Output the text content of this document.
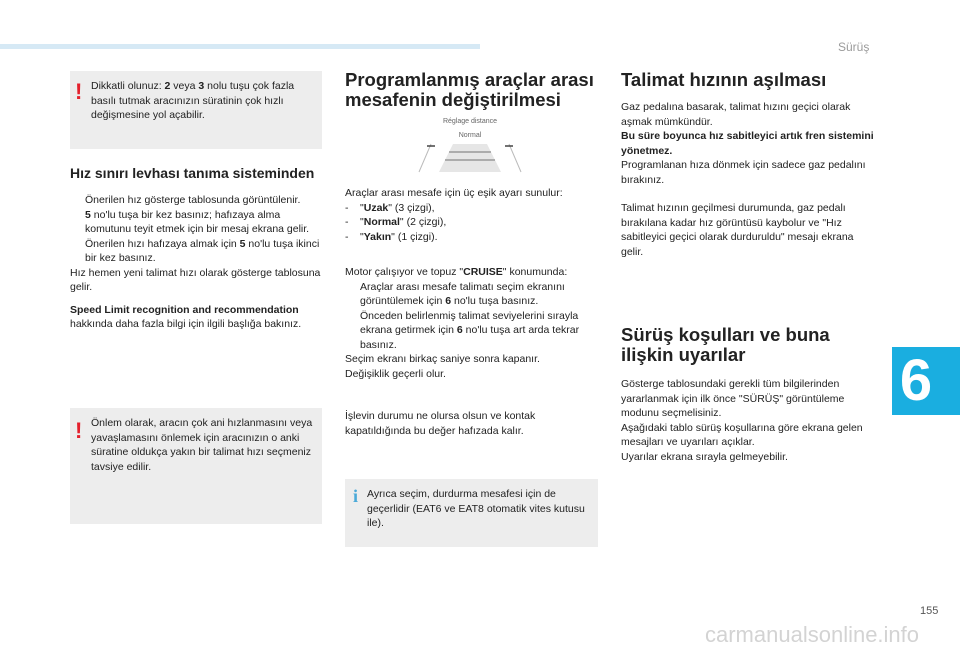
Sürüş
6
! Dikkatli olunuz: 2 veya 3 nolu tuşu çok fazla basılı tutmak aracınızın süratinin çok hızlı değişmesine yol açabilir.

Hız sınırı levhası tanıma sisteminden
Önerilen hız gösterge tablosunda görüntülenir.
5 no'lu tuşa bir kez basınız; hafızaya alma komutunu teyit etmek için bir mesaj ekrana gelir.
Önerilen hızı hafızaya almak için 5 no'lu tuşa ikinci bir kez basınız.

Hız hemen yeni talimat hızı olarak gösterge tablosuna gelir.

Speed Limit recognition and recommendation hakkında daha fazla bilgi için ilgili başlığa bakınız.

! Önlem olarak, aracın çok ani hızlanmasını veya yavaşlamasını önlemek için aracınızın o anki süratine oldukça yakın bir talimat hızı seçmeniz tavsiye edilir.

Programlanmış araçlar arası mesafenin değiştirilmesi
Réglage distance
Normal

Araçlar arası mesafe için üç eşik ayarı sunulur:

-	"Uzak" (3 çizgi),
-	"Normal" (2 çizgi),
-	"Yakın" (1 çizgi).

Motor çalışıyor ve topuz "CRUISE" konumunda:

Araçlar arası mesafe talimatı seçim ekranını görüntülemek için 6 no'lu tuşa basınız.
Önceden belirlenmiş talimat seviyelerini sırayla ekrana getirmek için 6 no'lu tuşa art arda tekrar basınız.

Seçim ekranı birkaç saniye sonra kapanır.

Değişiklik geçerli olur.

İşlevin durumu ne olursa olsun ve kontak kapatıldığında bu değer hafızada kalır.

i Ayrıca seçim, durdurma mesafesi için de geçerlidir (EAT6 ve EAT8 otomatik vites kutusu ile).

Talimat hızının aşılması

Gaz pedalına basarak, talimat hızını geçici olarak aşmak mümkündür.

Bu süre boyunca hız sabitleyici artık fren sistemini yönetmez.

Programlanan hıza dönmek için sadece gaz pedalını bırakınız.

Talimat hızının geçilmesi durumunda, gaz pedalı bırakılana kadar hız görüntüsü kaybolur ve "Hız sabitleyici geçici olarak durduruldu" mesajı ekrana gelir.

Sürüş koşulları ve buna ilişkin uyarılar

Gösterge tablosundaki gerekli tüm bilgilerinden yararlanmak için ilk önce "SÜRÜŞ" görüntüleme modunu seçmelisiniz.

Aşağıdaki tablo sürüş koşullarına göre ekrana gelen mesajları ve uyarıları açıklar.

Uyarılar ekrana sırayla gelmeyebilir.

155
carmanualsonline.info
